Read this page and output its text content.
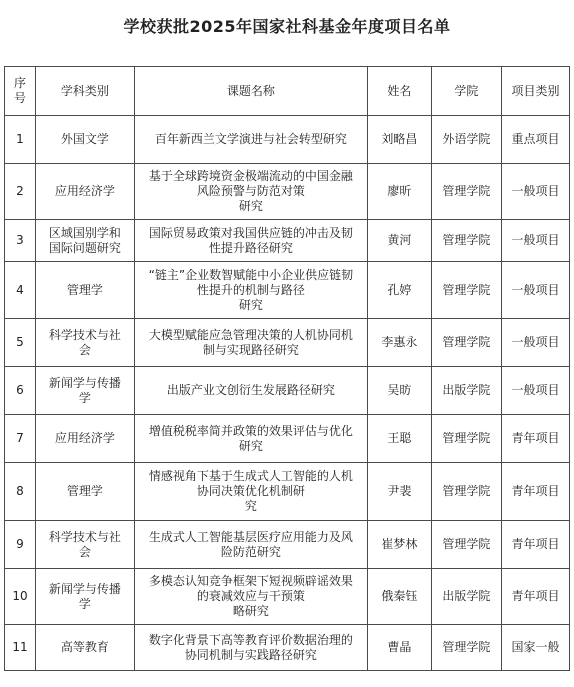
学校获批2025年国家社科基金年度项目名单
序
号	学科类别	课题名称	姓名	学院	项目类别
1	外国文学	百年新西兰文学演进与社会转型研究	刘略昌	外语学院	重点项目
2	应用经济学	基于全球跨境资金极端流动的中国金融
风险预警与防范对策
研究	廖昕	管理学院	一般项目
3	区域国别学和
国际问题研究	国际贸易政策对我国供应链的冲击及韧
性提升路径研究	黄河	管理学院	一般项目
4	管理学	“链主”企业数智赋能中小企业供应链韧
性提升的机制与路径
研究	孔婷	管理学院	一般项目
5	科学技术与社
会	大模型赋能应急管理决策的人机协同机
制与实现路径研究	李惠永	管理学院	一般项目
6	新闻学与传播
学	出版产业文创衍生发展路径研究	吴昉	出版学院	一般项目
7	应用经济学	增值税税率简并政策的效果评估与优化
研究	王聪	管理学院	青年项目
8	管理学	情感视角下基于生成式人工智能的人机
协同决策优化机制研
究	尹裴	管理学院	青年项目
9	科学技术与社
会	生成式人工智能基层医疗应用能力及风
险防范研究	崔梦林	管理学院	青年项目
10	新闻学与传播
学	多模态认知竞争框架下短视频辟谣效果
的衰减效应与干预策
略研究	俄秦钰	出版学院	青年项目
11	高等教育	数字化背景下高等教育评价数据治理的
协同机制与实践路径研究	曹晶	管理学院	国家一般
